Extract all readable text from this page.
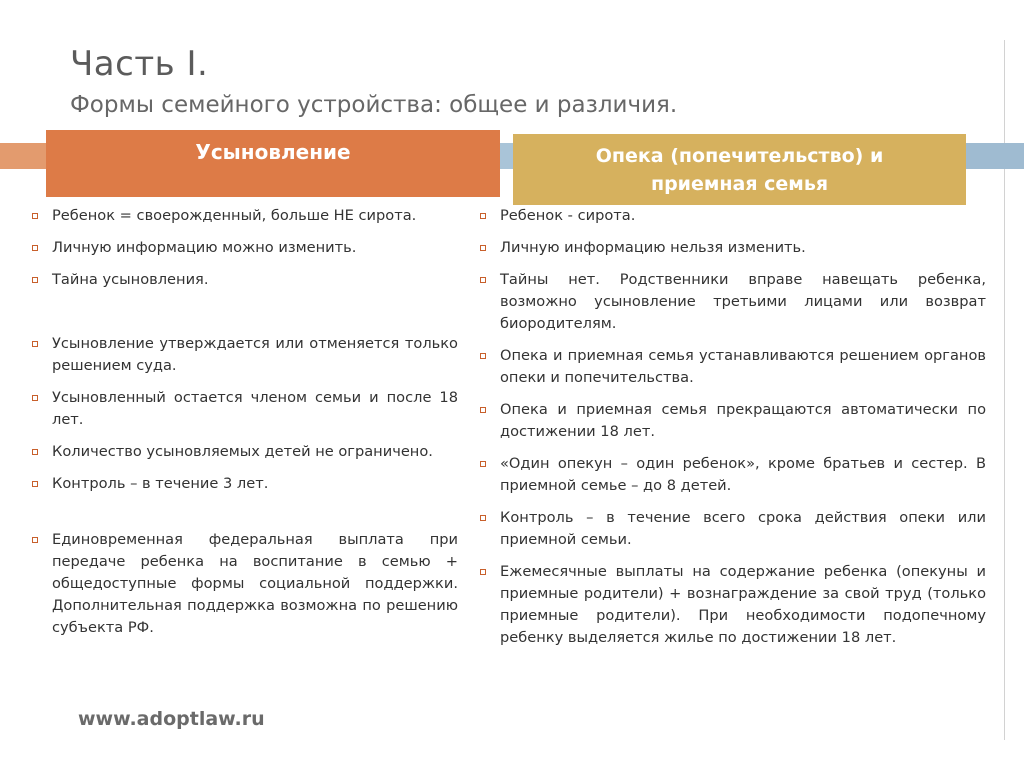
Часть I.
Формы семейного устройства: общее и различия.
Усыновление	Опека (попечительство) и
приемная семья
Ребенок = своерожденный, больше НЕ сирота.
Личную информацию можно изменить.
Тайна усыновления.
Усыновление утверждается или отменяется только решением суда.
Усыновленный остается членом семьи и после 18 лет.
Количество усыновляемых детей не ограничено.
Контроль – в течение 3 лет.
Единовременная федеральная выплата при передаче ребенка на воспитание в семью + общедоступные формы социальной поддержки. Дополнительная поддержка возможна по решению субъекта РФ.
Ребенок - сирота.
Личную информацию нельзя изменить.
Тайны нет. Родственники вправе навещать ребенка, возможно усыновление третьими лицами или возврат биородителям.
Опека и приемная семья устанавливаются решением органов опеки и попечительства.
Опека и приемная семья прекращаются автоматически по достижении 18 лет.
«Один опекун – один ребенок», кроме братьев и сестер. В приемной семье – до 8 детей.
Контроль – в течение всего срока действия опеки или приемной семьи.
Ежемесячные выплаты на содержание ребенка (опекуны и приемные родители) + вознаграждение за свой труд (только приемные родители). При необходимости подопечному ребенку выделяется жилье по достижении 18 лет.
www.adoptlaw.ru
